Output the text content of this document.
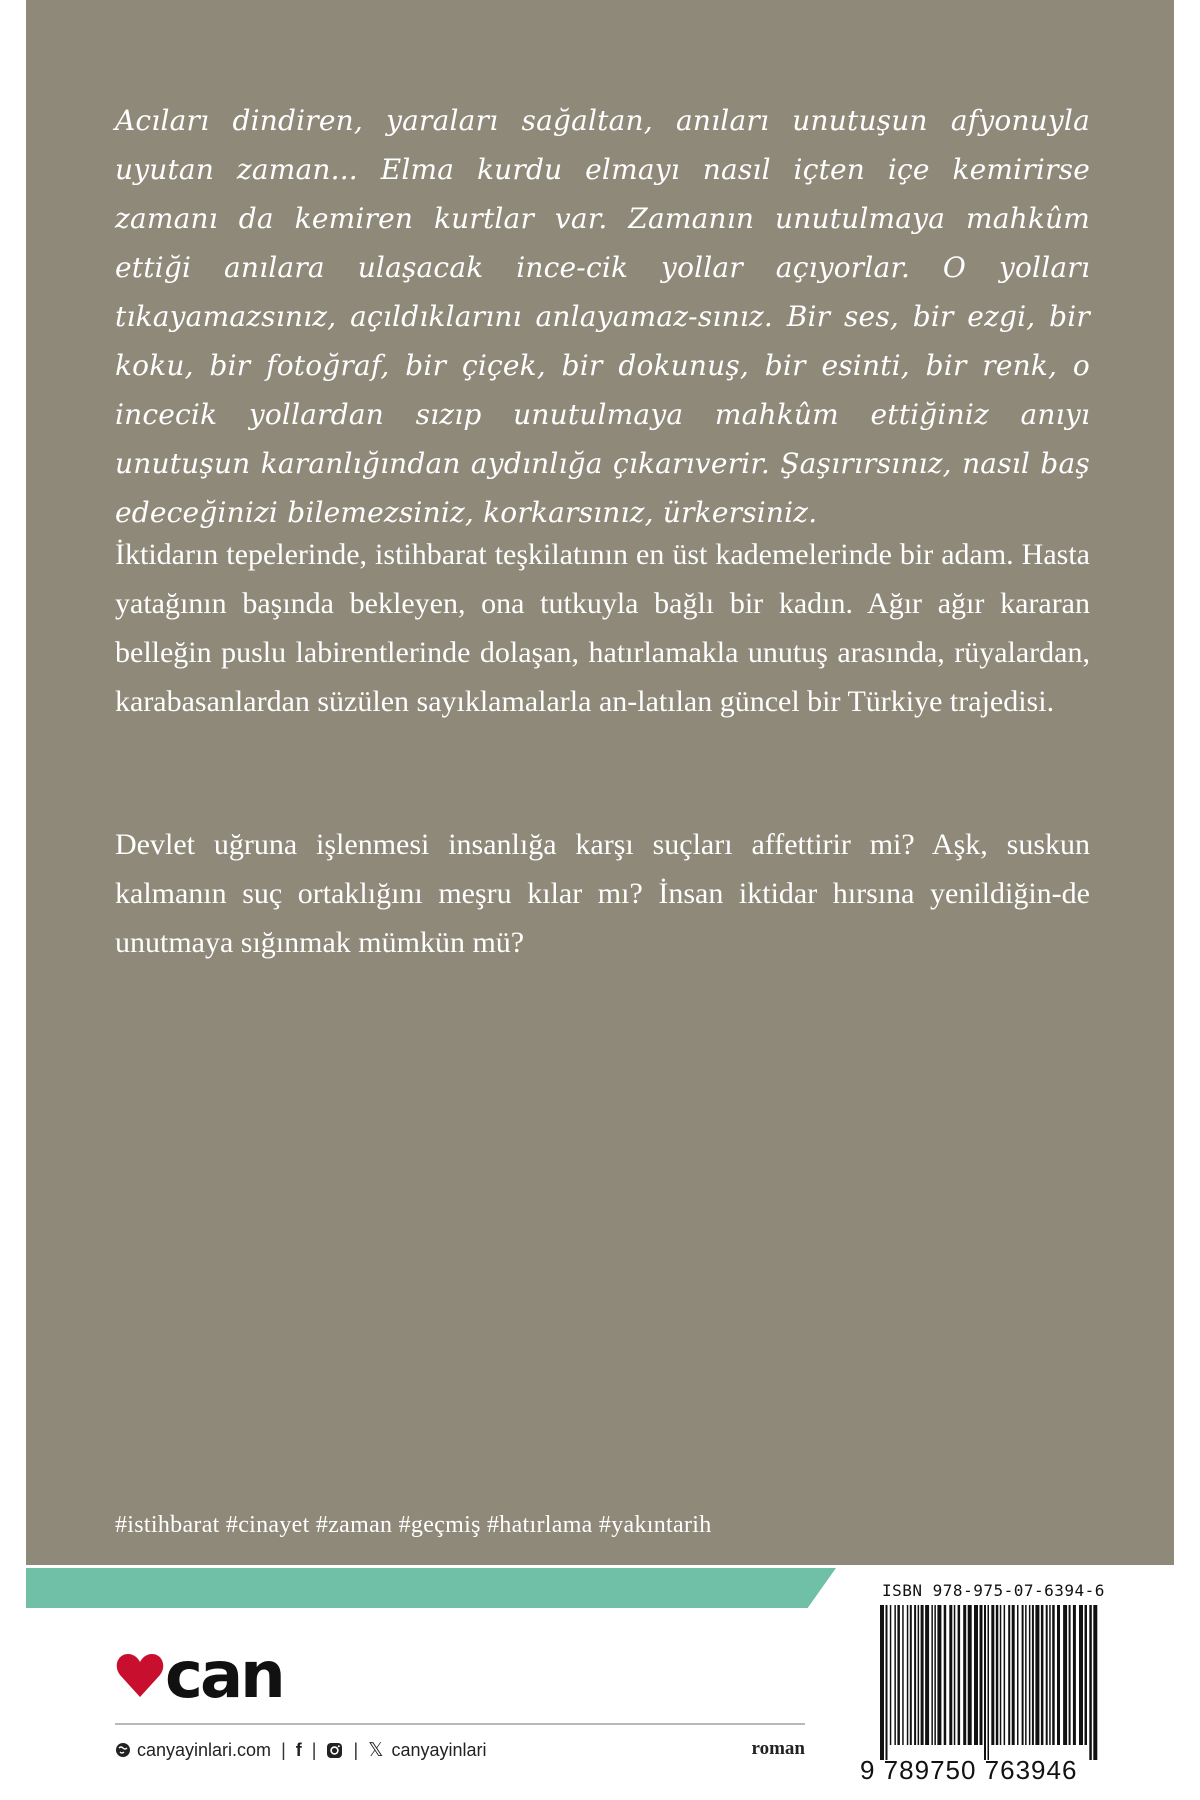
Acıları dindiren, yaraları sağaltan, anıları unutuşun afyonuyla uyutan zaman... Elma kurdu elmayı nasıl içten içe kemirirse zamanı da kemiren kurtlar var. Zamanın unutulmaya mahkûm ettiği anılara ulaşacak ince-cik yollar açıyorlar. O yolları tıkayamazsınız, açıldıklarını anlayamaz-sınız. Bir ses, bir ezgi, bir koku, bir fotoğraf, bir çiçek, bir dokunuş, bir esinti, bir renk, o incecik yollardan sızıp unutulmaya mahkûm ettiğiniz anıyı unutuşun karanlığından aydınlığa çıkarıverir. Şaşırırsınız, nasıl baş edeceğinizi bilemezsiniz, korkarsınız, ürkersiniz.
İktidarın tepelerinde, istihbarat teşkilatının en üst kademelerinde bir adam. Hasta yatağının başında bekleyen, ona tutkuyla bağlı bir kadın. Ağır ağır kararan belleğin puslu labirentlerinde dolaşan, hatırlamakla unutuş arasında, rüyalardan, karabasanlardan süzülen sayıklamalarla an-latılan güncel bir Türkiye trajedisi.
Devlet uğruna işlenmesi insanlığa karşı suçları affettirir mi? Aşk, suskun kalmanın suç ortaklığını meşru kılar mı? İnsan iktidar hırsına yenildiğin-de unutmaya sığınmak mümkün mü?
#istihbarat #cinayet #zaman #geçmiş #hatırlama #yakıntarih
can
canyayinlari.com | f | | 𝕏 canyayinlari	roman
ISBN 978-975-07-6394-6
9 789750 763946
